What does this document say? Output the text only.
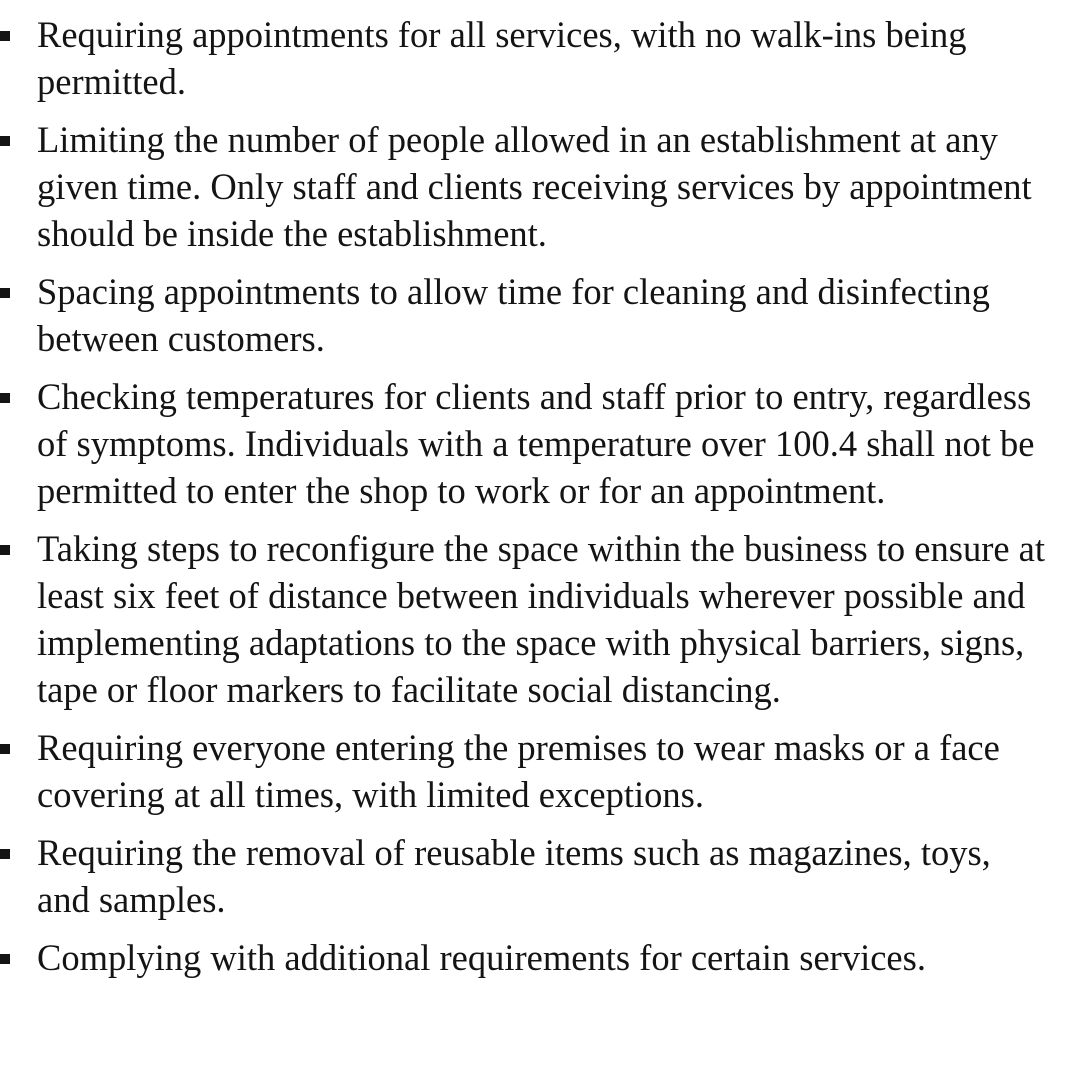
Requiring appointments for all services, with no walk-ins being permitted.
Limiting the number of people allowed in an establishment at any given time. Only staff and clients receiving services by appointment should be inside the establishment.
Spacing appointments to allow time for cleaning and disinfecting between customers.
Checking temperatures for clients and staff prior to entry, regardless of symptoms. Individuals with a temperature over 100.4 shall not be permitted to enter the shop to work or for an appointment.
Taking steps to reconfigure the space within the business to ensure at least six feet of distance between individuals wherever possible and implementing adaptations to the space with physical barriers, signs, tape or floor markers to facilitate social distancing.
Requiring everyone entering the premises to wear masks or a face covering at all times, with limited exceptions.
Requiring the removal of reusable items such as magazines, toys, and samples.
Complying with additional requirements for certain services.
